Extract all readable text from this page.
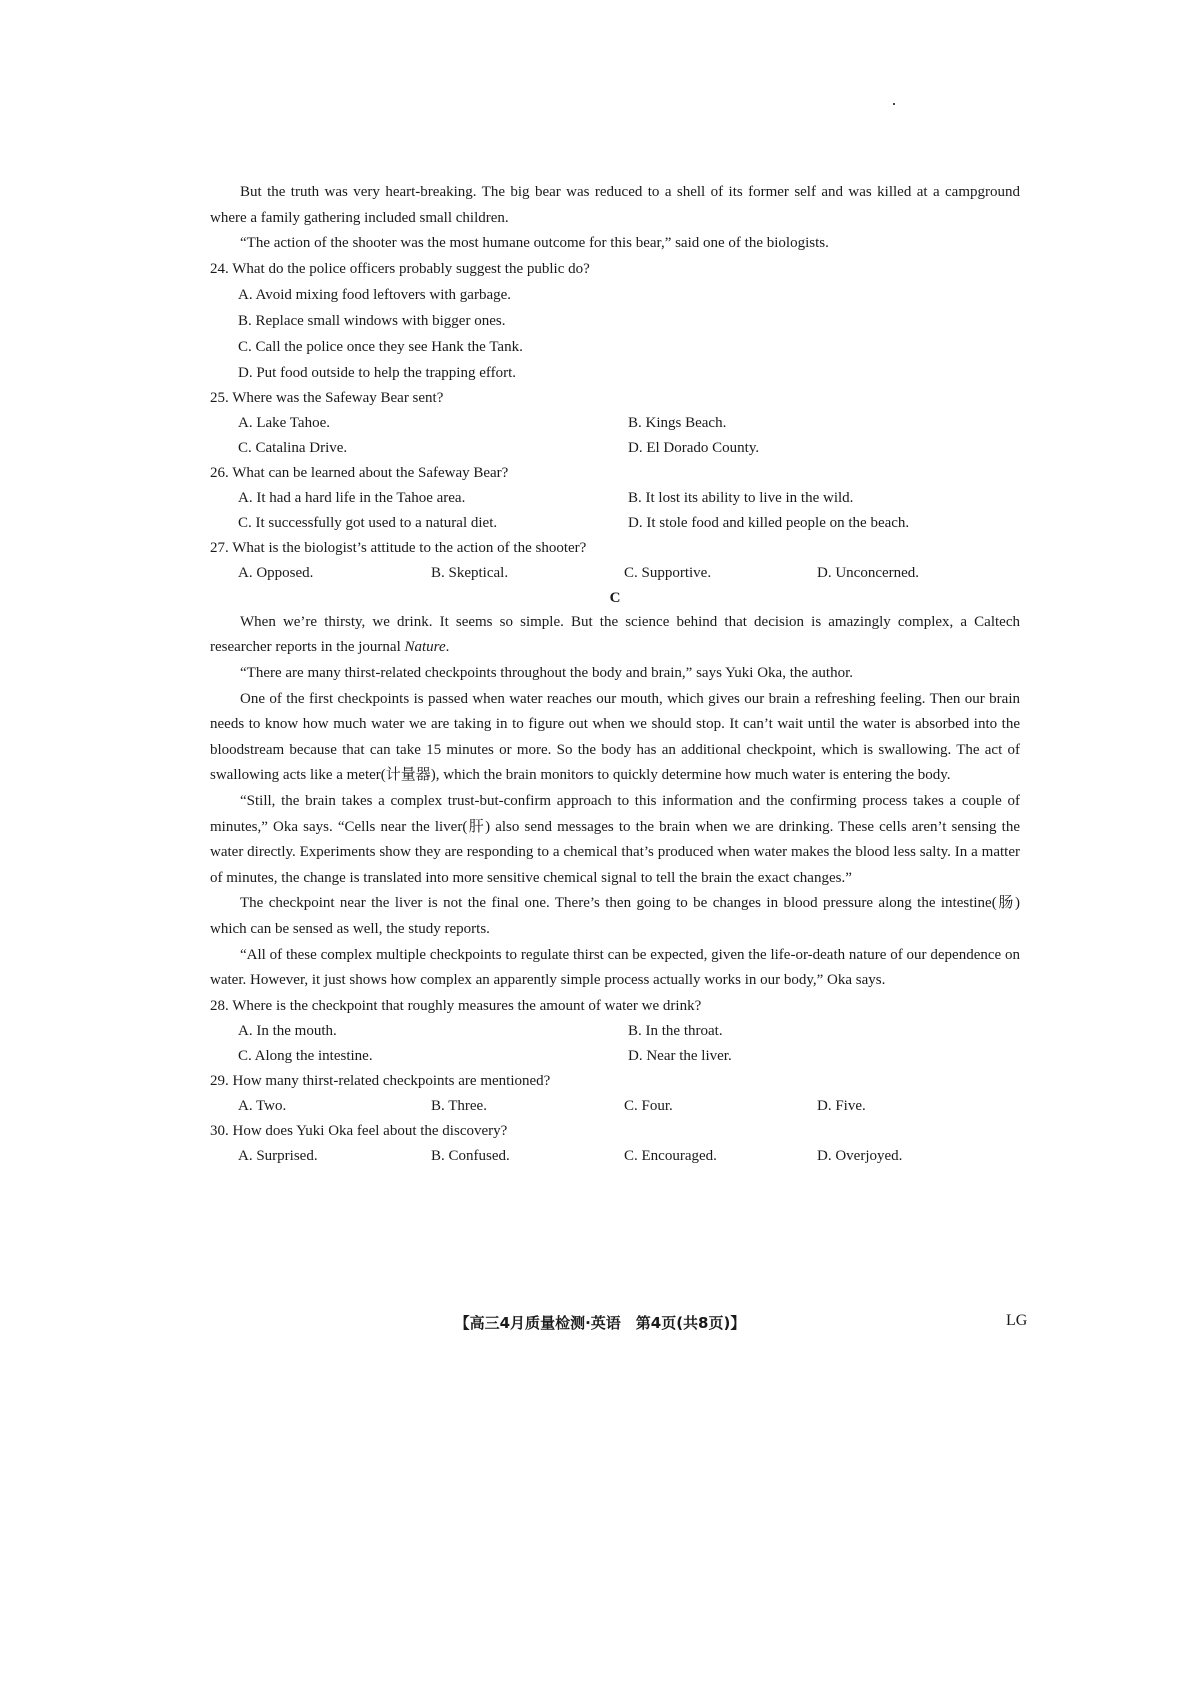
But the truth was very heart-breaking. The big bear was reduced to a shell of its former self and was killed at a campground where a family gathering included small children.

“The action of the shooter was the most humane outcome for this bear,” said one of the biologists.

24. What do the police officers probably suggest the public do?

A. Avoid mixing food leftovers with garbage.
B. Replace small windows with bigger ones.
C. Call the police once they see Hank the Tank.
D. Put food outside to help the trapping effort.

25. Where was the Safeway Bear sent?

A. Lake Tahoe.	B. Kings Beach.
C. Catalina Drive.	D. El Dorado County.

26. What can be learned about the Safeway Bear?

A. It had a hard life in the Tahoe area.	B. It lost its ability to live in the wild.
C. It successfully got used to a natural diet.	D. It stole food and killed people on the beach.

27. What is the biologist’s attitude to the action of the shooter?

A. Opposed.	B. Skeptical.	C. Supportive.	D. Unconcerned.

C

When we’re thirsty, we drink. It seems so simple. But the science behind that decision is amazingly complex, a Caltech researcher reports in the journal Nature.

“There are many thirst-related checkpoints throughout the body and brain,” says Yuki Oka, the author.

One of the first checkpoints is passed when water reaches our mouth, which gives our brain a refreshing feeling. Then our brain needs to know how much water we are taking in to figure out when we should stop. It can’t wait until the water is absorbed into the bloodstream because that can take 15 minutes or more. So the body has an additional checkpoint, which is swallowing. The act of swallowing acts like a meter(计量器), which the brain monitors to quickly determine how much water is entering the body.

“Still, the brain takes a complex trust-but-confirm approach to this information and the confirming process takes a couple of minutes,” Oka says. “Cells near the liver(肝) also send messages to the brain when we are drinking. These cells aren’t sensing the water directly. Experiments show they are responding to a chemical that’s produced when water makes the blood less salty. In a matter of minutes, the change is translated into more sensitive chemical signal to tell the brain the exact changes.”

The checkpoint near the liver is not the final one. There’s then going to be changes in blood pressure along the intestine(肠) which can be sensed as well, the study reports.

“All of these complex multiple checkpoints to regulate thirst can be expected, given the life-or-death nature of our dependence on water. However, it just shows how complex an apparently simple process actually works in our body,” Oka says.

28. Where is the checkpoint that roughly measures the amount of water we drink?

A. In the mouth.	B. In the throat.
C. Along the intestine.	D. Near the liver.

29. How many thirst-related checkpoints are mentioned?

A. Two.	B. Three.	C. Four.	D. Five.

30. How does Yuki Oka feel about the discovery?

A. Surprised.	B. Confused.	C. Encouraged.	D. Overjoyed.
【高三4月质量检测·英语　第4页(共8页)】	LG
